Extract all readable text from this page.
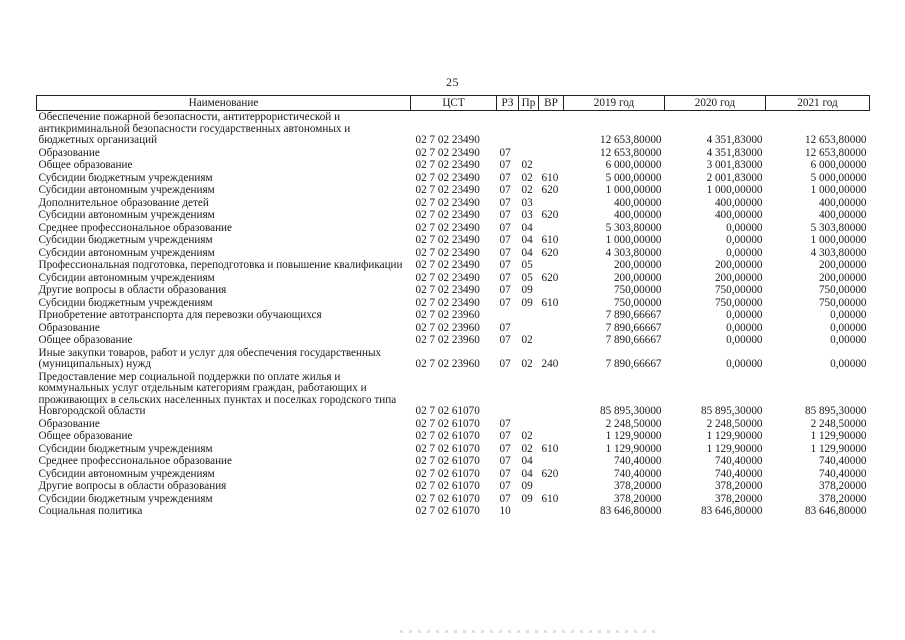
25
Наименование	ЦСТ	РЗ	Пр	ВР	2019 год	2020 год	2021 год
Обеспечение пожарной безопасности, антитеррористической и антикриминальной безопасности государственных автономных и бюджетных организаций	02 7 02 23490				12 653,80000	4 351,83000	12 653,80000
Образование	02 7 02 23490	07			12 653,80000	4 351,83000	12 653,80000
Общее образование	02 7 02 23490	07	02		6 000,00000	3 001,83000	6 000,00000
Субсидии бюджетным учреждениям	02 7 02 23490	07	02	610	5 000,00000	2 001,83000	5 000,00000
Субсидии автономным учреждениям	02 7 02 23490	07	02	620	1 000,00000	1 000,00000	1 000,00000
Дополнительное образование детей	02 7 02 23490	07	03		400,00000	400,00000	400,00000
Субсидии автономным учреждениям	02 7 02 23490	07	03	620	400,00000	400,00000	400,00000
Среднее профессиональное образование	02 7 02 23490	07	04		5 303,80000	0,00000	5 303,80000
Субсидии бюджетным учреждениям	02 7 02 23490	07	04	610	1 000,00000	0,00000	1 000,00000
Субсидии автономным учреждениям	02 7 02 23490	07	04	620	4 303,80000	0,00000	4 303,80000
Профессиональная подготовка, переподготовка и повышение квалификации	02 7 02 23490	07	05		200,00000	200,00000	200,00000
Субсидии автономным учреждениям	02 7 02 23490	07	05	620	200,00000	200,00000	200,00000
Другие вопросы в области образования	02 7 02 23490	07	09		750,00000	750,00000	750,00000
Субсидии бюджетным учреждениям	02 7 02 23490	07	09	610	750,00000	750,00000	750,00000
Приобретение автотранспорта для перевозки обучающихся	02 7 02 23960				7 890,66667	0,00000	0,00000
Образование	02 7 02 23960	07			7 890,66667	0,00000	0,00000
Общее образование	02 7 02 23960	07	02		7 890,66667	0,00000	0,00000
Иные закупки товаров, работ и услуг для обеспечения государственных (муниципальных) нужд	02 7 02 23960	07	02	240	7 890,66667	0,00000	0,00000
Предоставление мер социальной поддержки по оплате жилья и коммунальных услуг отдельным категориям граждан, работающих и проживающих в сельских населенных пунктах и поселках городского типа Новгородской области	02 7 02 61070				85 895,30000	85 895,30000	85 895,30000
Образование	02 7 02 61070	07			2 248,50000	2 248,50000	2 248,50000
Общее образование	02 7 02 61070	07	02		1 129,90000	1 129,90000	1 129,90000
Субсидии бюджетным учреждениям	02 7 02 61070	07	02	610	1 129,90000	1 129,90000	1 129,90000
Среднее профессиональное образование	02 7 02 61070	07	04		740,40000	740,40000	740,40000
Субсидии автономным учреждениям	02 7 02 61070	07	04	620	740,40000	740,40000	740,40000
Другие вопросы в области образования	02 7 02 61070	07	09		378,20000	378,20000	378,20000
Субсидии бюджетным учреждениям	02 7 02 61070	07	09	610	378,20000	378,20000	378,20000
Социальная политика	02 7 02 61070	10			83 646,80000	83 646,80000	83 646,80000
